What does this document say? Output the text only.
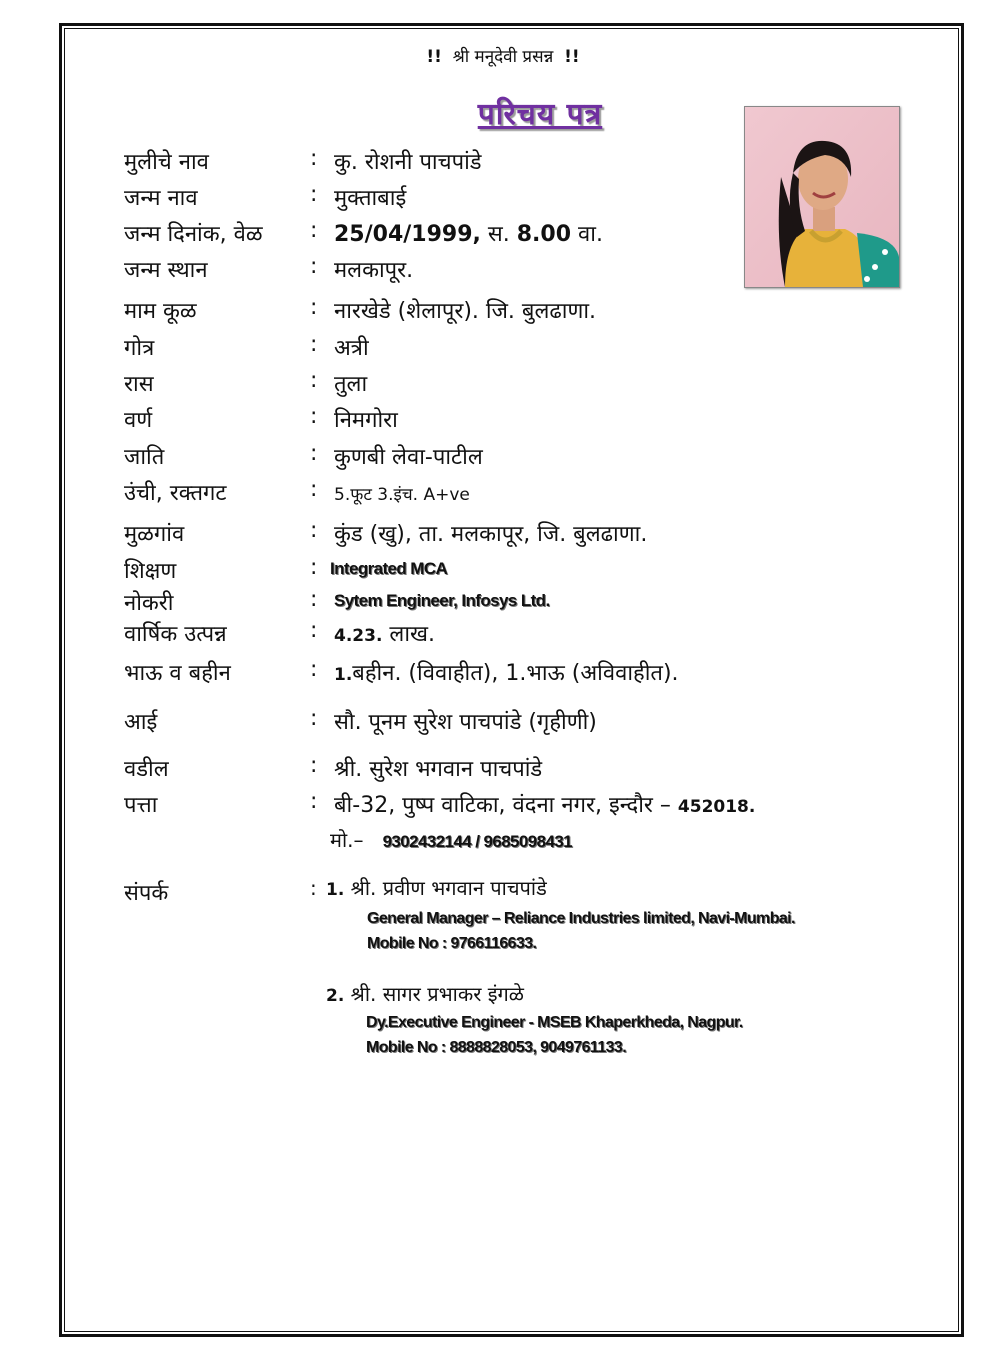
!! श्री मनूदेवी प्रसन्न !!
परिचय पत्र
मुलीचे नाव	: कु. रोशनी पाचपांडे
जन्म नाव	: मुक्ताबाई
जन्म दिनांक, वेळ : 25/04/1999, स. 8.00 वा.
जन्म स्थान	: मलकापूर.
माम कूळ	: नारखेडे (शेलापूर). जि. बुलढाणा.
गोत्र	: अत्री
रास	: तुला
वर्ण	: निमगोरा
जाति	: कुणबी लेवा-पाटील
उंची, रक्तगट	: 5.फूट 3.इंच. A+ve
मुळगांव	: कुंड (खु), ता. मलकापूर, जि. बुलढाणा.
शिक्षण	: Integrated MCA
नोकरी	: Sytem Engineer, Infosys Ltd.
वार्षिक उत्पन्न	: 4.23. लाख.
भाऊ व बहीन	: 1.बहीन. (विवाहीत), 1.भाऊ (अविवाहीत).
आई	: सौ. पूनम सुरेश पाचपांडे (गृहीणी)
वडील	: श्री. सुरेश भगवान पाचपांडे
पत्ता	: बी-32, पुष्प वाटिका, वंदना नगर, इन्दौर – 452018.
मो.– 9302432144 / 9685098431
संपर्क	: 1. श्री. प्रवीण भगवान पाचपांडे
General Manager – Reliance Industries limited, Navi-Mumbai.
Mobile No : 9766116633.
2. श्री. सागर प्रभाकर इंगळे
Dy.Executive Engineer - MSEB Khaperkheda, Nagpur.
Mobile No : 8888828053, 9049761133.
